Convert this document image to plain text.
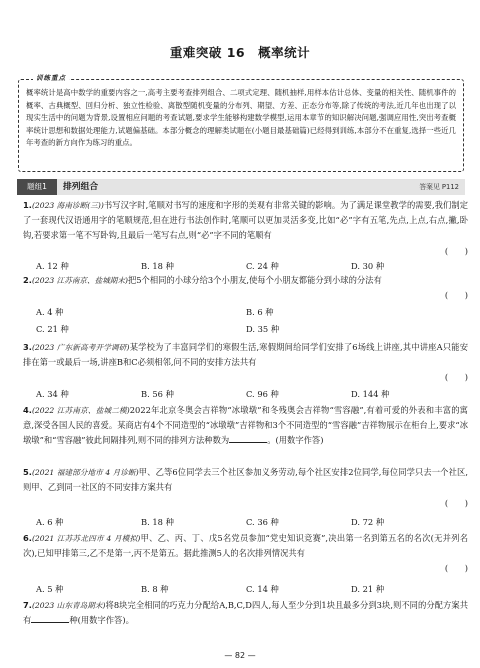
重难突破 16　概率统计
训练重点
概率统计是高中数学的重要内容之一,高考主要考查排列组合、二项式定理、随机抽样,用样本估计总体、变量的相关性、随机事件的概率、古典概型、回归分析、独立性检验、离散型随机变量的分布列、期望、方差、正态分布等,除了传统的考法,近几年也出现了以现实生活中的问题为背景,设置相应问题的考查试题,要求学生能够构建数学模型,运用本章节的知识解决问题,强调应用性,突出考查概率统计思想和数据处理能力,试题偏基础。本部分概念的理解类试题在(小题目最基础篇)已经得到训练,本部分不在重复,选择一些近几年考查的新方向作为练习的重点。
题组1	排列组合	答案见 P112
1.(2023 海南诊断(三))书写汉字时,笔顺对书写的速度和字形的美观有非常关键的影响。为了满足课堂教学的需要,我们制定了一套现代汉语通用字的笔顺规范,但在进行书法创作时,笔顺可以更加灵活多变,比如“必”字有五笔,先点,上点,右点,撇,卧钩,若要求第一笔不写卧钩,且最后一笔写右点,则“必”字不同的笔顺有
(　　)
A. 12 种	B. 18 种	C. 24 种	D. 30 种
2.(2023 江苏南京、盐城期末)把5个相同的小球分给3个小朋友,使每个小朋友都能分到小球的分法有
(　　)
A. 4 种	B. 6 种
C. 21 种	D. 35 种
3.(2023 广东新高考开学调研)某学校为了丰富同学们的寒假生活,寒假期间给同学们安排了6场线上讲座,其中讲座A只能安排在第一或最后一场,讲座B和C必须相邻,问不同的安排方法共有
(　　)
A. 34 种	B. 56 种	C. 96 种	D. 144 种
4.(2022 江苏南京、盐城二模)2022年北京冬奥会吉祥物“冰墩墩”和冬残奥会吉祥物“雪容融”,有着可爱的外表和丰富的寓意,深受各国人民的喜爱。某商店有4个不同造型的“冰墩墩”吉祥物和3个不同造型的“雪容融”吉祥物展示在柜台上,要求“冰墩墩”和“雪容融”彼此间隔排列,则不同的排列方法种数为	。(用数字作答)
5.(2021 福建部分地市 4 月诊断)甲、乙等6位同学去三个社区参加义务劳动,每个社区安排2位同学,每位同学只去一个社区,则甲、乙到同一社区的不同安排方案共有
(　　)
A. 6 种	B. 18 种	C. 36 种	D. 72 种
6.(2021 江苏苏北四市 4 月模拟)甲、乙、丙、丁、戊5名党员参加“党史知识竞赛”,决出第一名到第五名的名次(无并列名次),已知甲排第三,乙不是第一,丙不是第五。据此推测5人的名次排列情况共有
(　　)
A. 5 种	B. 8 种	C. 14 种	D. 21 种
7.(2023 山东青岛期末)将8块完全相同的巧克力分配给A,B,C,D四人,每人至少分到1块且最多分到3块,则不同的分配方案共有	种(用数字作答)。
— 82 —
